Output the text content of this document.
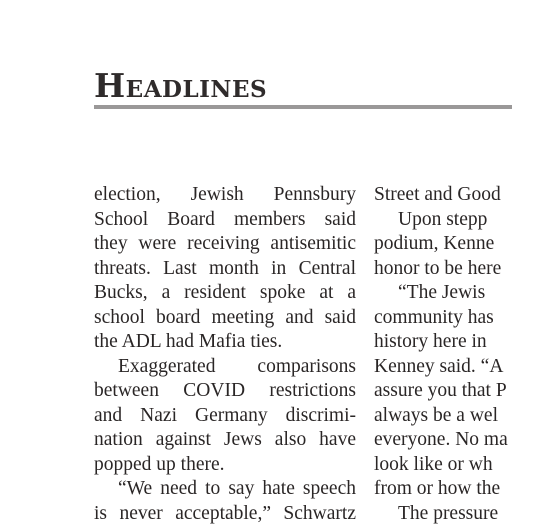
Headlines
election, Jewish Pennsbury
School Board members said
they were receiving antisemitic
threats. Last month in Central
Bucks, a resident spoke at a
school board meeting and said
the ADL had Mafia ties.
Exaggerated comparisons
between COVID restrictions
and Nazi Germany discrimi-
nation against Jews also have
popped up there.
“We need to say hate speech
is never acceptable,” Schwartz
Street and Good
Upon stepp
podium, Kenne
honor to be here
“The Jewis
community has
history here in
Kenney said. “A
assure you that P
always be a wel
everyone. No ma
look like or wh
from or how the
The pressure
